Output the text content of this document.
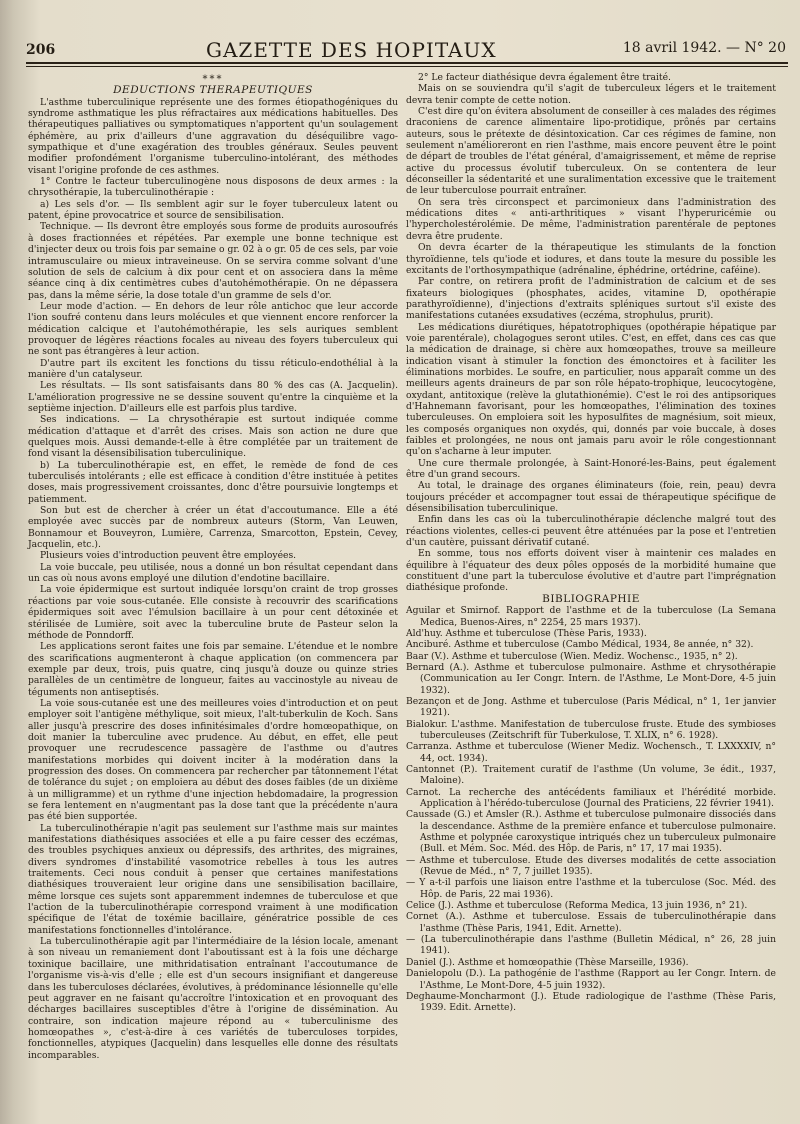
206	GAZETTE DES HOPITAUX	18 avril 1942. — N° 20
***

DEDUCTIONS THERAPEUTIQUES

L'asthme tuberculinique représente une des formes étiopathogéniques du syndrome asthmatique les plus réfractaires aux médications habituelles. Des thérapeutiques palliatives ou symptomatiques n'apportent qu'un soulagement éphémère, au prix d'ailleurs d'une aggravation du déséquilibre vago-sympathique et d'une exagération des troubles généraux. Seules peuvent modifier profondément l'organisme tuberculino-intolérant, des méthodes visant l'origine profonde de ces asthmes.

1° Contre le facteur tuberculinogène nous disposons de deux armes : la chrysothérapie, la tuberculinothérapie :

a) Les sels d'or. — Ils semblent agir sur le foyer tuberculeux latent ou patent, épine provocatrice et source de sensibilisation.

Technique. — Ils devront être employés sous forme de produits aurosoufrés à doses fractionnées et répétées. Par exemple une bonne technique est d'injecter deux ou trois fois par semaine o gr. 02 à o gr. 05 de ces sels, par voie intramusculaire ou mieux intraveineuse. On se servira comme solvant d'une solution de sels de calcium à dix pour cent et on associera dans la même séance cinq à dix centimètres cubes d'autohémothérapie. On ne dépassera pas, dans la même série, la dose totale d'un gramme de sels d'or.

Leur mode d'action. — En dehors de leur rôle antichoc que leur accorde l'ion soufré contenu dans leurs molécules et que viennent encore renforcer la médication calcique et l'autohémothérapie, les sels auriques semblent provoquer de légères réactions focales au niveau des foyers tuberculeux qui ne sont pas étrangères à leur action.

D'autre part ils excitent les fonctions du tissu réticulo-endothélial à la manière d'un catalyseur.

Les résultats. — Ils sont satisfaisants dans 80 % des cas (A. Jacquelin). L'amélioration progressive ne se dessine souvent qu'entre la cinquième et la septième injection. D'ailleurs elle est parfois plus tardive.

Ses indications. — La chrysothérapie est surtout indiquée comme médication d'attaque et d'arrêt des crises. Mais son action ne dure que quelques mois. Aussi demande-t-elle à être complétée par un traitement de fond visant la désensibilisation tuberculinique.

b) La tuberculinothérapie est, en effet, le remède de fond de ces tuberculisés intolérants ; elle est efficace à condition d'être instituée à petites doses, mais progressivement croissantes, donc d'être poursuivie longtemps et patiemment.

Son but est de chercher à créer un état d'accoutumance. Elle a été employée avec succès par de nombreux auteurs (Storm, Van Leuwen, Bonnamour et Bouveyron, Lumière, Carrenza, Smarcotton, Epstein, Cevey, Jacquelin, etc.).

Plusieurs voies d'introduction peuvent être employées.

La voie buccale, peu utilisée, nous a donné un bon résultat cependant dans un cas où nous avons employé une dilution d'endotine bacillaire.

La voie épidermique est surtout indiquée lorsqu'on craint de trop grosses réactions par voie sous-cutanée. Elle consiste à recouvrir des scarifications épidermiques soit avec l'émulsion bacillaire à un pour cent détoxinée et stérilisée de Lumière, soit avec la tuberculine brute de Pasteur selon la méthode de Ponndorff.

Les applications seront faites une fois par semaine. L'étendue et le nombre des scarifications augmenteront à chaque application (on commencera par exemple par deux, trois, puis quatre, cinq jusqu'à douze ou quinze stries parallèles de un centimètre de longueur, faites au vaccinostyle au niveau de téguments non antiseptisés.

La voie sous-cutanée est une des meilleures voies d'introduction et on peut employer soit l'antigène méthylique, soit mieux, l'alt-tuberkulin de Koch. Sans aller jusqu'à prescrire des doses infinitésimales d'ordre homœopathique, on doit manier la tuberculine avec prudence. Au début, en effet, elle peut provoquer une recrudescence passagère de l'asthme ou d'autres manifestations morbides qui doivent inciter à la modération dans la progression des doses. On commencera par rechercher par tâtonnement l'état de tolérance du sujet ; on emploiera au début des doses faibles (de un dixième à un milligramme) et un rythme d'une injection hebdomadaire, la progression se fera lentement en n'augmentant pas la dose tant que la précédente n'aura pas été bien supportée.

La tuberculinothérapie n'agit pas seulement sur l'asthme mais sur maintes manifestations diathésiques associées et elle a pu faire cesser des eczémas, des troubles psychiques anxieux ou dépressifs, des arthrites, des migraines, divers syndromes d'instabilité vasomotrice rebelles à tous les autres traitements. Ceci nous conduit à penser que certaines manifestations diathésiques trouveraient leur origine dans une sensibilisation bacillaire, même lorsque ces sujets sont apparemment indemnes de tuberculose et que l'action de la tuberculinothérapie correspond vraiment à une modification spécifique de l'état de toxémie bacillaire, génératrice possible de ces manifestations fonctionnelles d'intolérance.

La tuberculinothérapie agit par l'intermédiaire de la lésion locale, amenant à son niveau un remaniement dont l'aboutissant est à la fois une décharge toxinique bacillaire, une mithridatisation entraînant l'accoutumance de l'organisme vis-à-vis d'elle ; elle est d'un secours insignifiant et dangereuse dans les tuberculoses déclarées, évolutives, à prédominance lésionnelle qu'elle peut aggraver en ne faisant qu'accroître l'intoxication et en provoquant des décharges bacillaires susceptibles d'être à l'origine de dissémination. Au contraire, son indication majeure répond au « tuberculinisme des homœopathes », c'est-à-dire à ces variétés de tuberculoses torpides, fonctionnelles, atypiques (Jacquelin) dans lesquelles elle donne des résultats incomparables.

2° Le facteur diathésique devra également être traité.

Mais on se souviendra qu'il s'agit de tuberculeux légers et le traitement devra tenir compte de cette notion.

C'est dire qu'on évitera absolument de conseiller à ces malades des régimes draconiens de carence alimentaire lipo-protidique, prônés par certains auteurs, sous le prétexte de désintoxication. Car ces régimes de famine, non seulement n'amélioreront en rien l'asthme, mais encore peuvent être le point de départ de troubles de l'état général, d'amaigrissement, et même de reprise active du processus évolutif tuberculeux. On se contentera de leur déconseiller la sédentarité et une suralimentation excessive que le traitement de leur tuberculose pourrait entraîner.

On sera très circonspect et parcimonieux dans l'administration des médications dites « anti-arthritiques » visant l'hyperuricémie ou l'hypercholestérolémie. De même, l'administration parentérale de peptones devra être prudente.

On devra écarter de la thérapeutique les stimulants de la fonction thyroïdienne, tels qu'iode et iodures, et dans toute la mesure du possible les excitants de l'orthosympathique (adrénaline, éphédrine, ortédrine, caféine).

Par contre, on retirera profit de l'administration de calcium et de ses fixateurs biologiques (phosphates, acides, vitamine D, opothérapie parathyroïdienne), d'injections d'extraits spléniques surtout s'il existe des manifestations cutanées exsudatives (eczéma, strophulus, prurit).

Les médications diurétiques, hépatotrophiques (opothérapie hépatique par voie parentérale), cholagogues seront utiles. C'est, en effet, dans ces cas que la médication de drainage, si chère aux homœopathes, trouve sa meilleure indication visant à stimuler la fonction des émonctoires et à faciliter les éliminations morbides. Le soufre, en particulier, nous apparaît comme un des meilleurs agents draineurs de par son rôle hépato-trophique, leucocytogène, oxydant, antitoxique (relève la glutathionémie). C'est le roi des antipsoriques d'Hahnemann favorisant, pour les homœopathes, l'élimination des toxines tuberculeuses. On emploiera soit les hyposulfites de magnésium, soit mieux, les composés organiques non oxydés, qui, donnés par voie buccale, à doses faibles et prolongées, ne nous ont jamais paru avoir le rôle congestionnant qu'on s'acharne à leur imputer.

Une cure thermale prolongée, à Saint-Honoré-les-Bains, peut également être d'un grand secours.

Au total, le drainage des organes éliminateurs (foie, rein, peau) devra toujours précéder et accompagner tout essai de thérapeutique spécifique de désensibilisation tuberculinique.

Enfin dans les cas où la tuberculinothérapie déclenche malgré tout des réactions violentes, celles-ci peuvent être atténuées par la pose et l'entretien d'un cautère, puissant dérivatif cutané.

En somme, tous nos efforts doivent viser à maintenir ces malades en équilibre à l'équateur des deux pôles opposés de la morbidité humaine que constituent d'une part la tuberculose évolutive et d'autre part l'imprégnation diathésique profonde.

BIBLIOGRAPHIE

Aguilar et Smirnof. Rapport de l'asthme et de la tuberculose (La Semana Medica, Buenos-Aires, n° 2254, 25 mars 1937).

Ald'huy. Asthme et tuberculose (Thèse Paris, 1933).

Anciburé. Asthme et tuberculose (Cambo Médical, 1934, 8e année, n° 32).

Baar (V.). Asthme et tuberculose (Wien. Mediz. Wochensc., 1935, n° 2).

Bernard (A.). Asthme et tuberculose pulmonaire. Asthme et chrysothérapie (Communication au Ier Congr. Intern. de l'Asthme, Le Mont-Dore, 4-5 juin 1932).

Bezançon et de Jong. Asthme et tuberculose (Paris Médical, n° 1, 1er janvier 1921).

Bialokur. L'asthme. Manifestation de tuberculose fruste. Etude des symbioses tuberculeuses (Zeitschrift für Tuberkulose, T. XLIX, n° 6. 1928).

Carranza. Asthme et tuberculose (Wiener Mediz. Wochensch., T. LXXXXIV, n° 44, oct. 1934).

Cantonnet (P.). Traitement curatif de l'asthme (Un volume, 3e édit., 1937, Maloine).

Carnot. La recherche des antécédents familiaux et l'hérédité morbide. Application à l'hérédo-tuberculose (Journal des Praticiens, 22 février 1941).

Caussade (G.) et Amsler (R.). Asthme et tuberculose pulmonaire dissociés dans la descendance. Asthme de la première enfance et tuberculose pulmonaire. Asthme et polypnée caroxystique intriqués chez un tuberculeux pulmonaire (Bull. et Mém. Soc. Méd. des Hôp. de Paris, n° 17, 17 mai 1935).

— Asthme et tuberculose. Etude des diverses modalités de cette association (Revue de Méd., n° 7, 7 juillet 1935).

— Y a-t-il parfois une liaison entre l'asthme et la tuberculose (Soc. Méd. des Hôp. de Paris, 22 mai 1936).

Celice (J.). Asthme et tuberculose (Reforma Medica, 13 juin 1936, n° 21).

Cornet (A.). Asthme et tuberculose. Essais de tuberculinothérapie dans l'asthme (Thèse Paris, 1941, Edit. Arnette).

— (La tuberculinothérapie dans l'asthme (Bulletin Médical, n° 26, 28 juin 1941).

Daniel (J.). Asthme et homœopathie (Thèse Marseille, 1936).

Danielopolu (D.). La pathogénie de l'asthme (Rapport au Ier Congr. Intern. de l'Asthme, Le Mont-Dore, 4-5 juin 1932).

Deghaume-Moncharmont (J.). Etude radiologique de l'asthme (Thèse Paris, 1939. Edit. Arnette).
